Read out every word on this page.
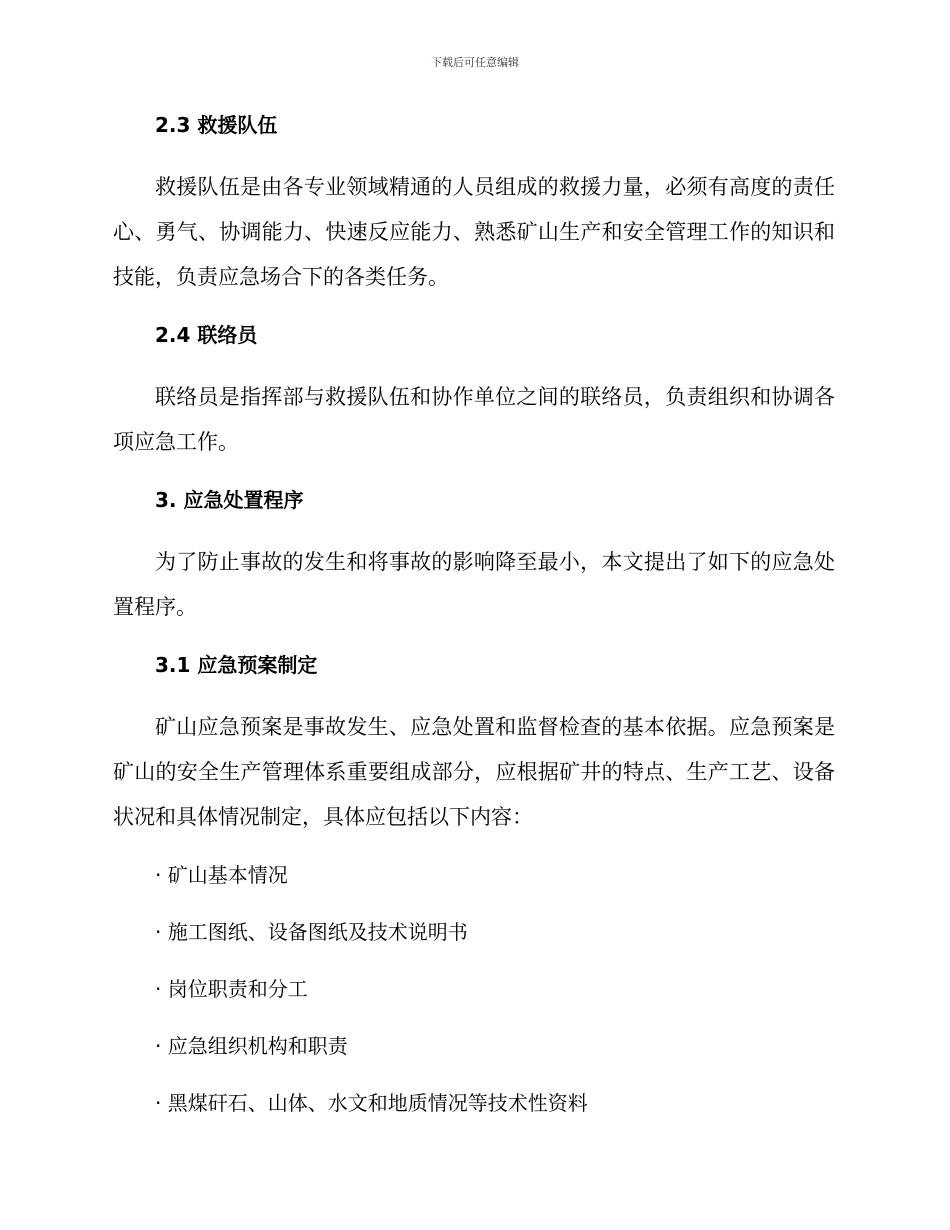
下载后可任意编辑
2.3 救援队伍
救援队伍是由各专业领域精通的人员组成的救援力量，必须有高度的责任心、勇气、协调能力、快速反应能力、熟悉矿山生产和安全管理工作的知识和技能，负责应急场合下的各类任务。
2.4 联络员
联络员是指挥部与救援队伍和协作单位之间的联络员，负责组织和协调各项应急工作。
3. 应急处置程序
为了防止事故的发生和将事故的影响降至最小，本文提出了如下的应急处置程序。
3.1 应急预案制定
矿山应急预案是事故发生、应急处置和监督检查的基本依据。应急预案是矿山的安全生产管理体系重要组成部分，应根据矿井的特点、生产工艺、设备状况和具体情况制定，具体应包括以下内容：
· 矿山基本情况
· 施工图纸、设备图纸及技术说明书
· 岗位职责和分工
· 应急组织机构和职责
· 黑煤矸石、山体、水文和地质情况等技术性资料
